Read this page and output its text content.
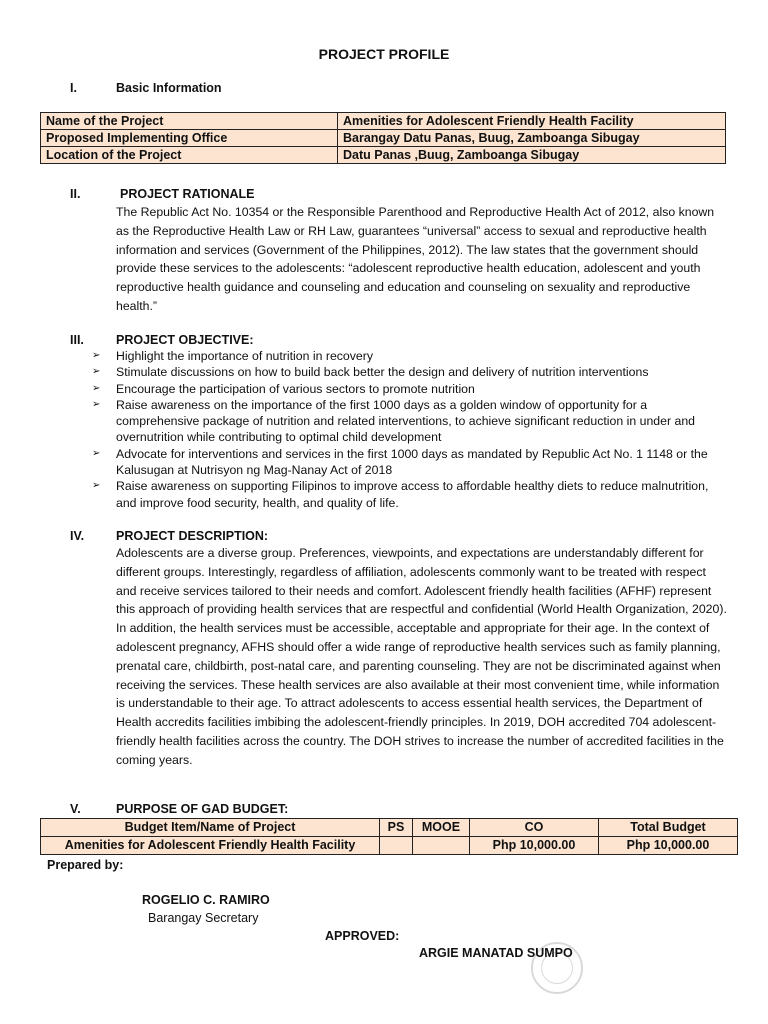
PROJECT PROFILE
I.	Basic Information
Name of the Project	Amenities for Adolescent Friendly Health Facility
Proposed Implementing Office	Barangay Datu Panas, Buug, Zamboanga Sibugay
Location of the Project	Datu Panas ,Buug, Zamboanga Sibugay
II.	PROJECT RATIONALE
The Republic Act No. 10354 or the Responsible Parenthood and Reproductive Health Act of 2012, also known as the Reproductive Health Law or RH Law, guarantees “universal” access to sexual and reproductive health information and services (Government of the Philippines, 2012). The law states that the government should provide these services to the adolescents: “adolescent reproductive health education, adolescent and youth reproductive health guidance and counseling and education and counseling on sexuality and reproductive health.”
III.	PROJECT OBJECTIVE:
➢ Highlight the importance of nutrition in recovery
➢ Stimulate discussions on how to build back better the design and delivery of nutrition interventions
➢ Encourage the participation of various sectors to promote nutrition
➢ Raise awareness on the importance of the first 1000 days as a golden window of opportunity for a comprehensive package of nutrition and related interventions, to achieve significant reduction in under and overnutrition while contributing to optimal child development
➢ Advocate for interventions and services in the first 1000 days as mandated by Republic Act No. 1 1148 or the Kalusugan at Nutrisyon ng Mag-Nanay Act of 2018
➢ Raise awareness on supporting Filipinos to improve access to affordable healthy diets to reduce malnutrition, and improve food security, health, and quality of life.
IV.	PROJECT DESCRIPTION:
Adolescents are a diverse group. Preferences, viewpoints, and expectations are understandably different for different groups. Interestingly, regardless of affiliation, adolescents commonly want to be treated with respect and receive services tailored to their needs and comfort. Adolescent friendly health facilities (AFHF) represent this approach of providing health services that are respectful and confidential (World Health Organization, 2020). In addition, the health services must be accessible, acceptable and appropriate for their age. In the context of adolescent pregnancy, AFHS should offer a wide range of reproductive health services such as family planning, prenatal care, childbirth, post-natal care, and parenting counseling. They are not be discriminated against when receiving the services. These health services are also available at their most convenient time, while information is understandable to their age. To attract adolescents to access essential health services, the Department of Health accredits facilities imbibing the adolescent-friendly principles. In 2019, DOH accredited 704 adolescent-friendly health facilities across the country. The DOH strives to increase the number of accredited facilities in the coming years.
V.	PURPOSE OF GAD BUDGET:
Budget Item/Name of Project	PS	MOOE	CO	Total Budget
Amenities for Adolescent Friendly Health Facility			Php 10,000.00	Php 10,000.00
Prepared by:
ROGELIO C. RAMIRO
Barangay Secretary
APPROVED:
ARGIE MANATAD SUMPO
